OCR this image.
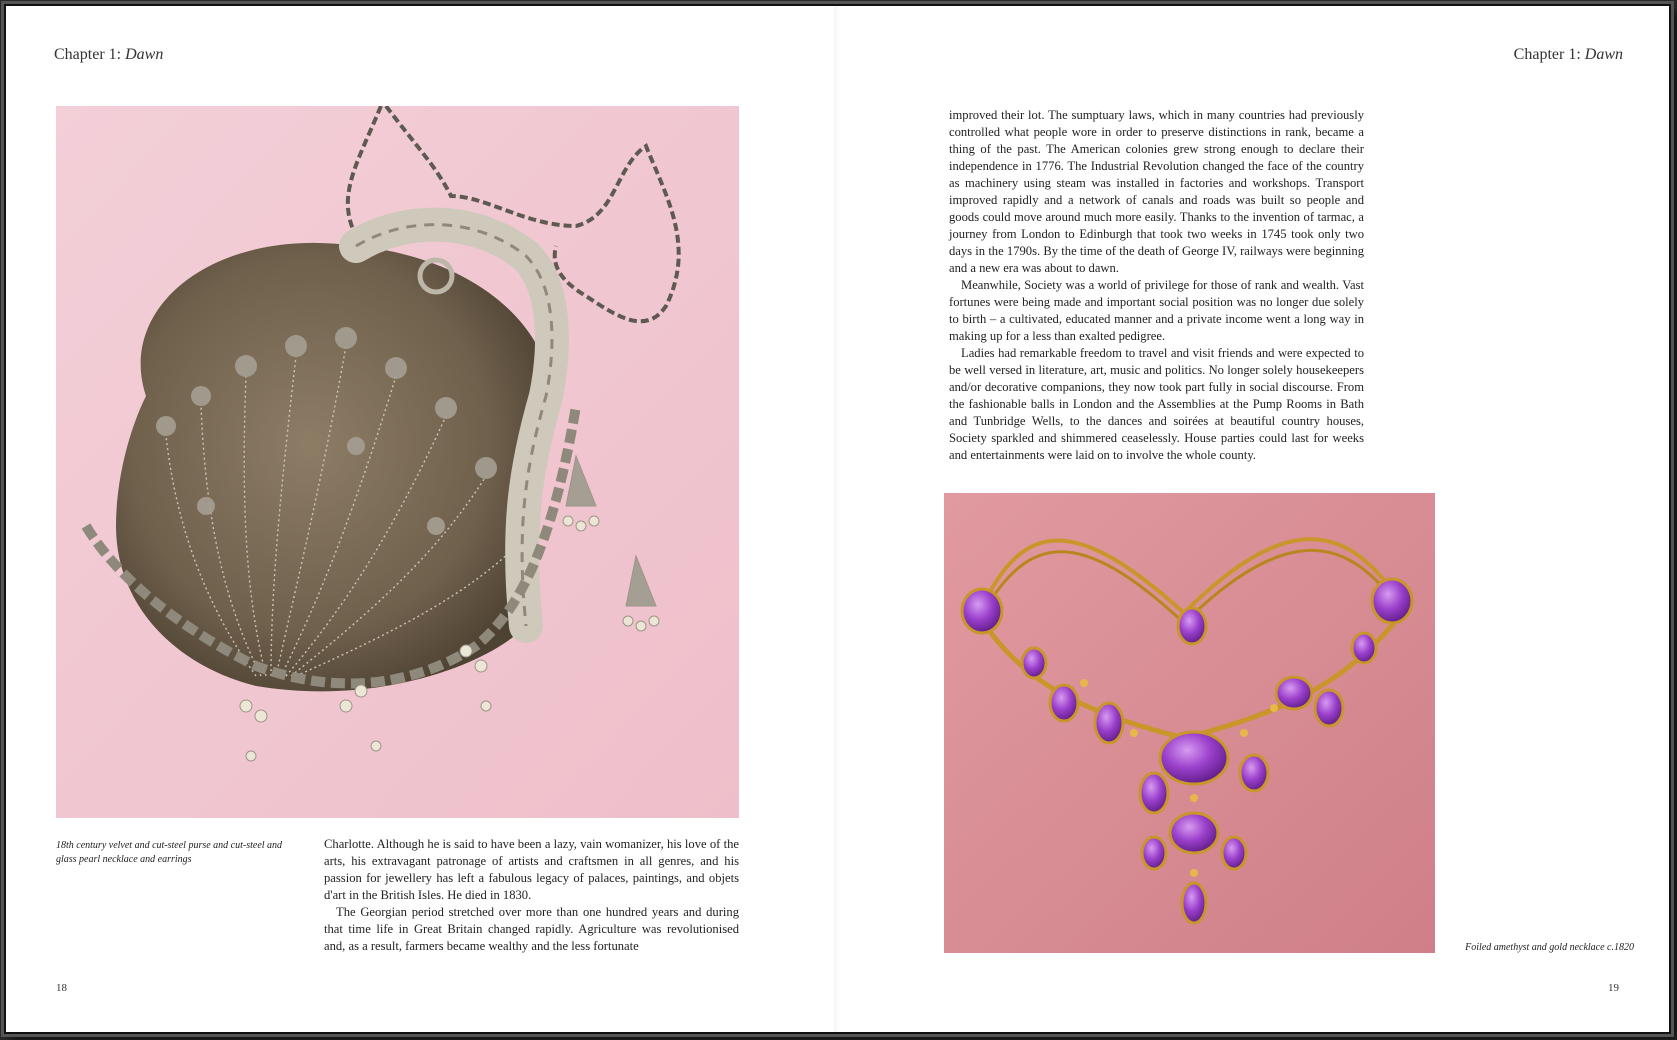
Chapter 1: Dawn
18th century velvet and cut-steel purse and cut-steel and glass pearl necklace and earrings

Charlotte. Although he is said to have been a lazy, vain womanizer, his love of the arts, his extravagant patronage of artists and craftsmen in all genres, and his passion for jewellery has left a fabulous legacy of palaces, paintings, and objets d'art in the British Isles. He died in 1830.

The Georgian period stretched over more than one hundred years and during that time life in Great Britain changed rapidly. Agriculture was revolutionised and, as a result, farmers became wealthy and the less fortunate

18
Chapter 1: Dawn

improved their lot. The sumptuary laws, which in many countries had previously controlled what people wore in order to preserve distinctions in rank, became a thing of the past. The American colonies grew strong enough to declare their independence in 1776. The Industrial Revolution changed the face of the country as machinery using steam was installed in factories and workshops. Transport improved rapidly and a network of canals and roads was built so people and goods could move around much more easily. Thanks to the invention of tarmac, a journey from London to Edinburgh that took two weeks in 1745 took only two days in the 1790s. By the time of the death of George IV, railways were beginning and a new era was about to dawn.

Meanwhile, Society was a world of privilege for those of rank and wealth. Vast fortunes were being made and important social position was no longer due solely to birth – a cultivated, educated manner and a private income went a long way in making up for a less than exalted pedigree.

Ladies had remarkable freedom to travel and visit friends and were expected to be well versed in literature, art, music and politics. No longer solely housekeepers and/or decorative companions, they now took part fully in social discourse. From the fashionable balls in London and the Assemblies at the Pump Rooms in Bath and Tunbridge Wells, to the dances and soirées at beautiful country houses, Society sparkled and shimmered ceaselessly. House parties could last for weeks and entertainments were laid on to involve the whole county.

Foiled amethyst and gold necklace c.1820
19
